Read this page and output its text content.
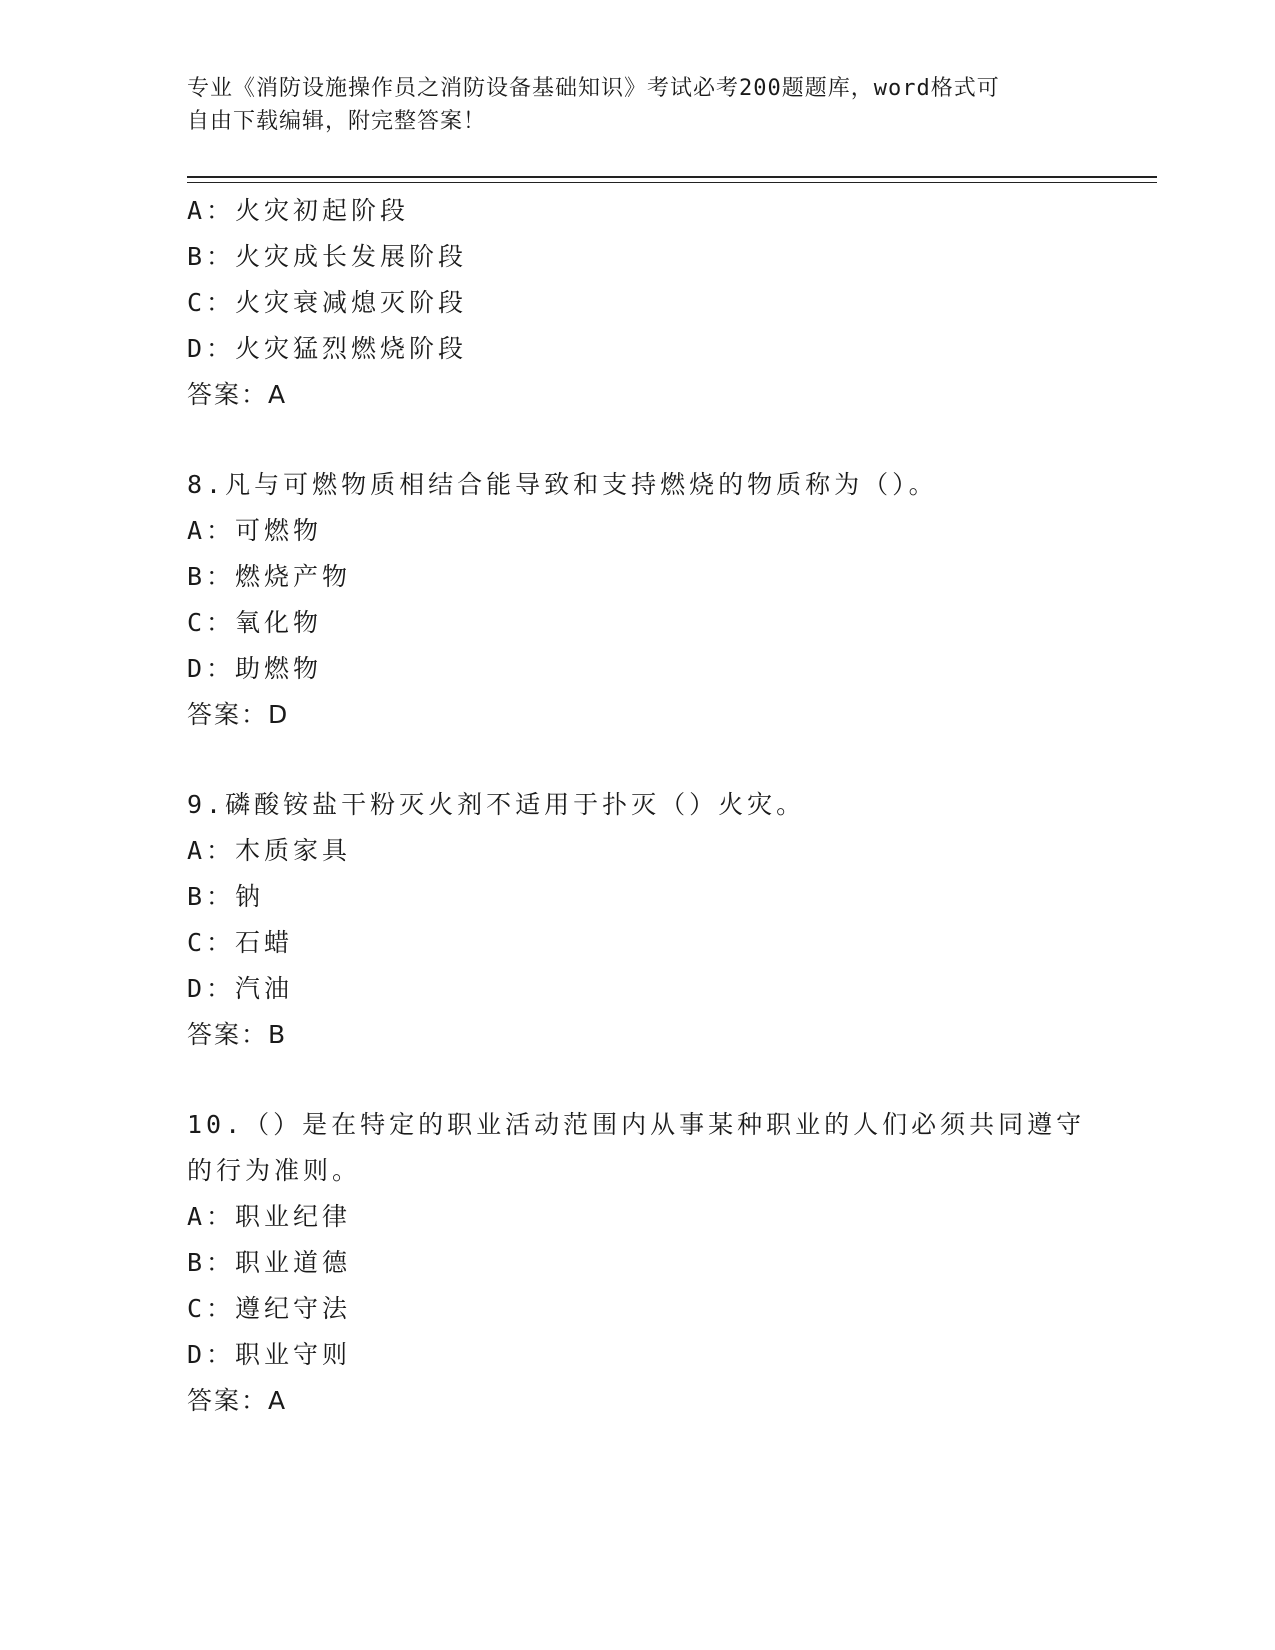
专业《消防设施操作员之消防设备基础知识》考试必考200题题库，word格式可
自由下载编辑，附完整答案！
A：火灾初起阶段
B：火灾成长发展阶段
C：火灾衰减熄灭阶段
D：火灾猛烈燃烧阶段
答案：A
8.凡与可燃物质相结合能导致和支持燃烧的物质称为（）。
A：可燃物
B：燃烧产物
C：氧化物
D：助燃物
答案：D
9.磷酸铵盐干粉灭火剂不适用于扑灭（）火灾。
A：木质家具
B：钠
C：石蜡
D：汽油
答案：B
10.（）是在特定的职业活动范围内从事某种职业的人们必须共同遵守
的行为准则。
A：职业纪律
B：职业道德
C：遵纪守法
D：职业守则
答案：A
